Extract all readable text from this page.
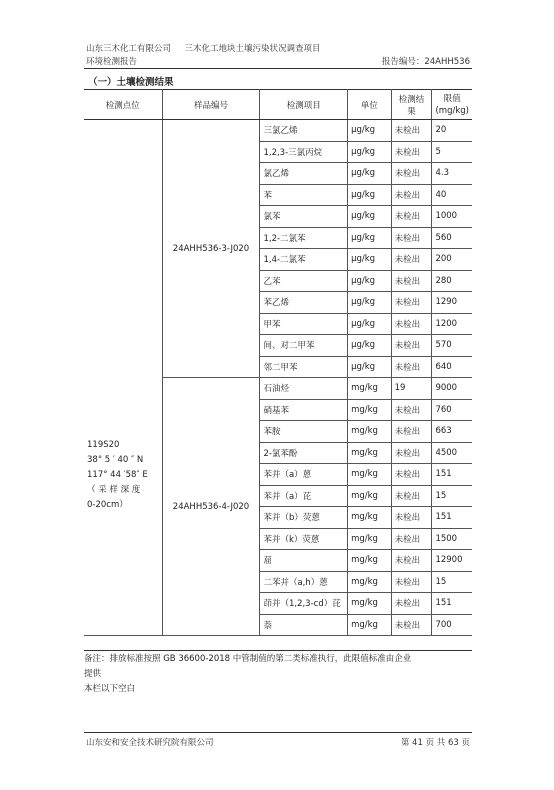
山东三木化工有限公司 三木化工地块土壤污染状况调查项目
环境检测报告	报告编号：24AHH536
（一）土壤检测结果
检测点位	样品编号	检测项目	单位	检测结果	限值
(mg/kg)

119S20
38° 5 ′ 40 ″ N
117° 44 ′58″ E
（ 采 样 深 度
0-20cm）	24AHH536-3-J020	三氯乙烯	μg/kg	未检出	20
		1,2,3-三氯丙烷	μg/kg	未检出	5
		氯乙烯	μg/kg	未检出	4.3
		苯	μg/kg	未检出	40
		氯苯	μg/kg	未检出	1000
		1,2-二氯苯	μg/kg	未检出	560
		1,4-二氯苯	μg/kg	未检出	200
		乙苯	μg/kg	未检出	280
		苯乙烯	μg/kg	未检出	1290
		甲苯	μg/kg	未检出	1200
		间、对二甲苯	μg/kg	未检出	570
		邻二甲苯	μg/kg	未检出	640
	24AHH536-4-J020	石油烃	mg/kg	19	9000
		硝基苯	mg/kg	未检出	760
		苯胺	mg/kg	未检出	663
		2-氯苯酚	mg/kg	未检出	4500
		苯并（a）蒽	mg/kg	未检出	151
		苯并（a）芘	mg/kg	未检出	15
		苯并（b）荧蒽	mg/kg	未检出	151
		苯并（k）荧蒽	mg/kg	未检出	1500
		䓛	mg/kg	未检出	12900
		二苯并（a,h）蒽	mg/kg	未检出	15
		茚并（1,2,3-cd）芘	mg/kg	未检出	151
		萘	mg/kg	未检出	700
备注：排放标准按照 GB 36600-2018 中管制值的第二类标准执行，此限值标准由企业
提供
本栏以下空白
山东安和安全技术研究院有限公司	第 41 页 共 63 页
